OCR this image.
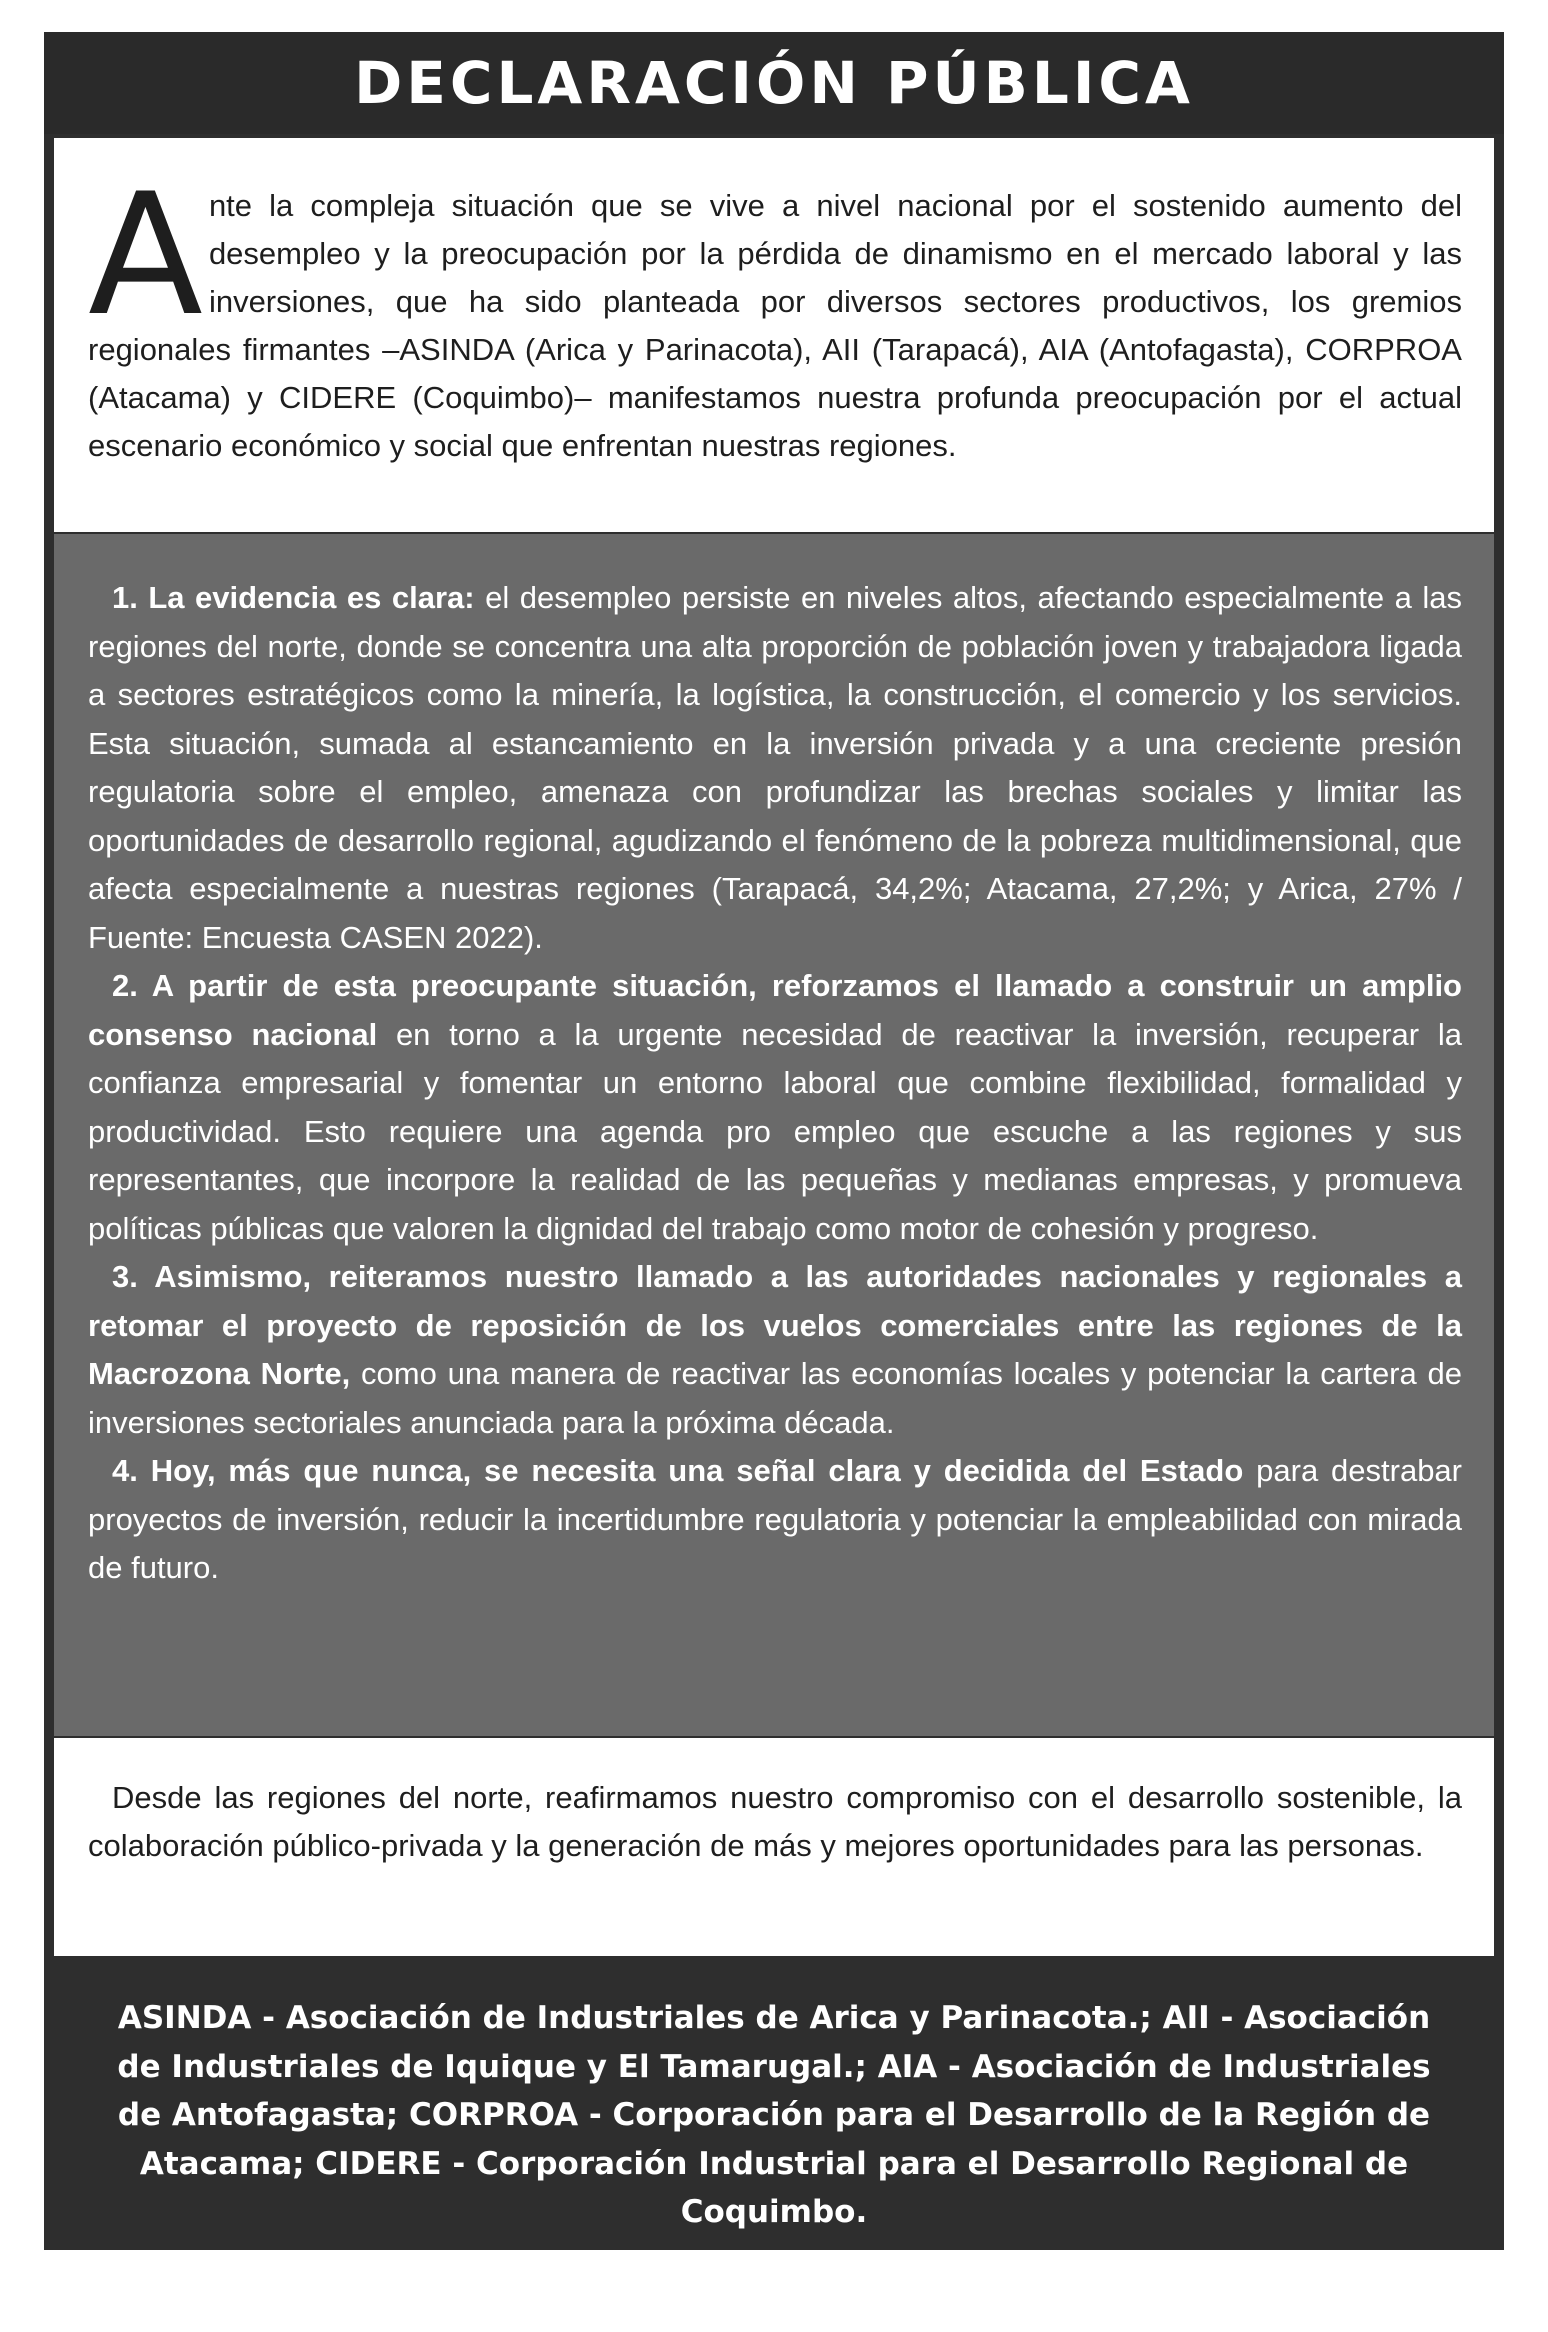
DECLARACIÓN PÚBLICA

Ante la compleja situación que se vive a nivel nacional por el sostenido aumento del desempleo y la preocupación por la pérdida de dinamismo en el mercado laboral y las inversiones, que ha sido planteada por diversos sectores productivos, los gremios regionales firmantes –ASINDA (Arica y Parinacota), AII (Tarapacá), AIA (Antofagasta), CORPROA (Atacama) y CIDERE (Coquimbo)– manifestamos nuestra profunda preocupación por el actual escenario económico y social que enfrentan nuestras regiones.

1. La evidencia es clara: el desempleo persiste en niveles altos, afectando especialmente a las regiones del norte, donde se concentra una alta proporción de población joven y trabajadora ligada a sectores estratégicos como la minería, la logística, la construcción, el comercio y los servicios. Esta situación, sumada al estancamiento en la inversión privada y a una creciente presión regulatoria sobre el empleo, amenaza con profundizar las brechas sociales y limitar las oportunidades de desarrollo regional, agudizando el fenómeno de la pobreza multidimensional, que afecta especialmente a nuestras regiones (Tarapacá, 34,2%; Atacama, 27,2%; y Arica, 27% / Fuente: Encuesta CASEN 2022).

2. A partir de esta preocupante situación, reforzamos el llamado a construir un amplio consenso nacional en torno a la urgente necesidad de reactivar la inversión, recuperar la confianza empresarial y fomentar un entorno laboral que combine flexibilidad, formalidad y productividad. Esto requiere una agenda pro empleo que escuche a las regiones y sus representantes, que incorpore la realidad de las pequeñas y medianas empresas, y promueva políticas públicas que valoren la dignidad del trabajo como motor de cohesión y progreso.

3. Asimismo, reiteramos nuestro llamado a las autoridades nacionales y regionales a retomar el proyecto de reposición de los vuelos comerciales entre las regiones de la Macrozona Norte, como una manera de reactivar las economías locales y potenciar la cartera de inversiones sectoriales anunciada para la próxima década.

4. Hoy, más que nunca, se necesita una señal clara y decidida del Estado para destrabar proyectos de inversión, reducir la incertidumbre regulatoria y potenciar la empleabilidad con mirada de futuro.

Desde las regiones del norte, reafirmamos nuestro compromiso con el desarrollo sostenible, la colaboración público-privada y la generación de más y mejores oportunidades para las personas.

ASINDA - Asociación de Industriales de Arica y Parinacota.; AII - Asociación de Industriales de Iquique y El Tamarugal.; AIA - Asociación de Industriales de Antofagasta; CORPROA - Corporación para el Desarrollo de la Región de Atacama; CIDERE - Corporación Industrial para el Desarrollo Regional de Coquimbo.
